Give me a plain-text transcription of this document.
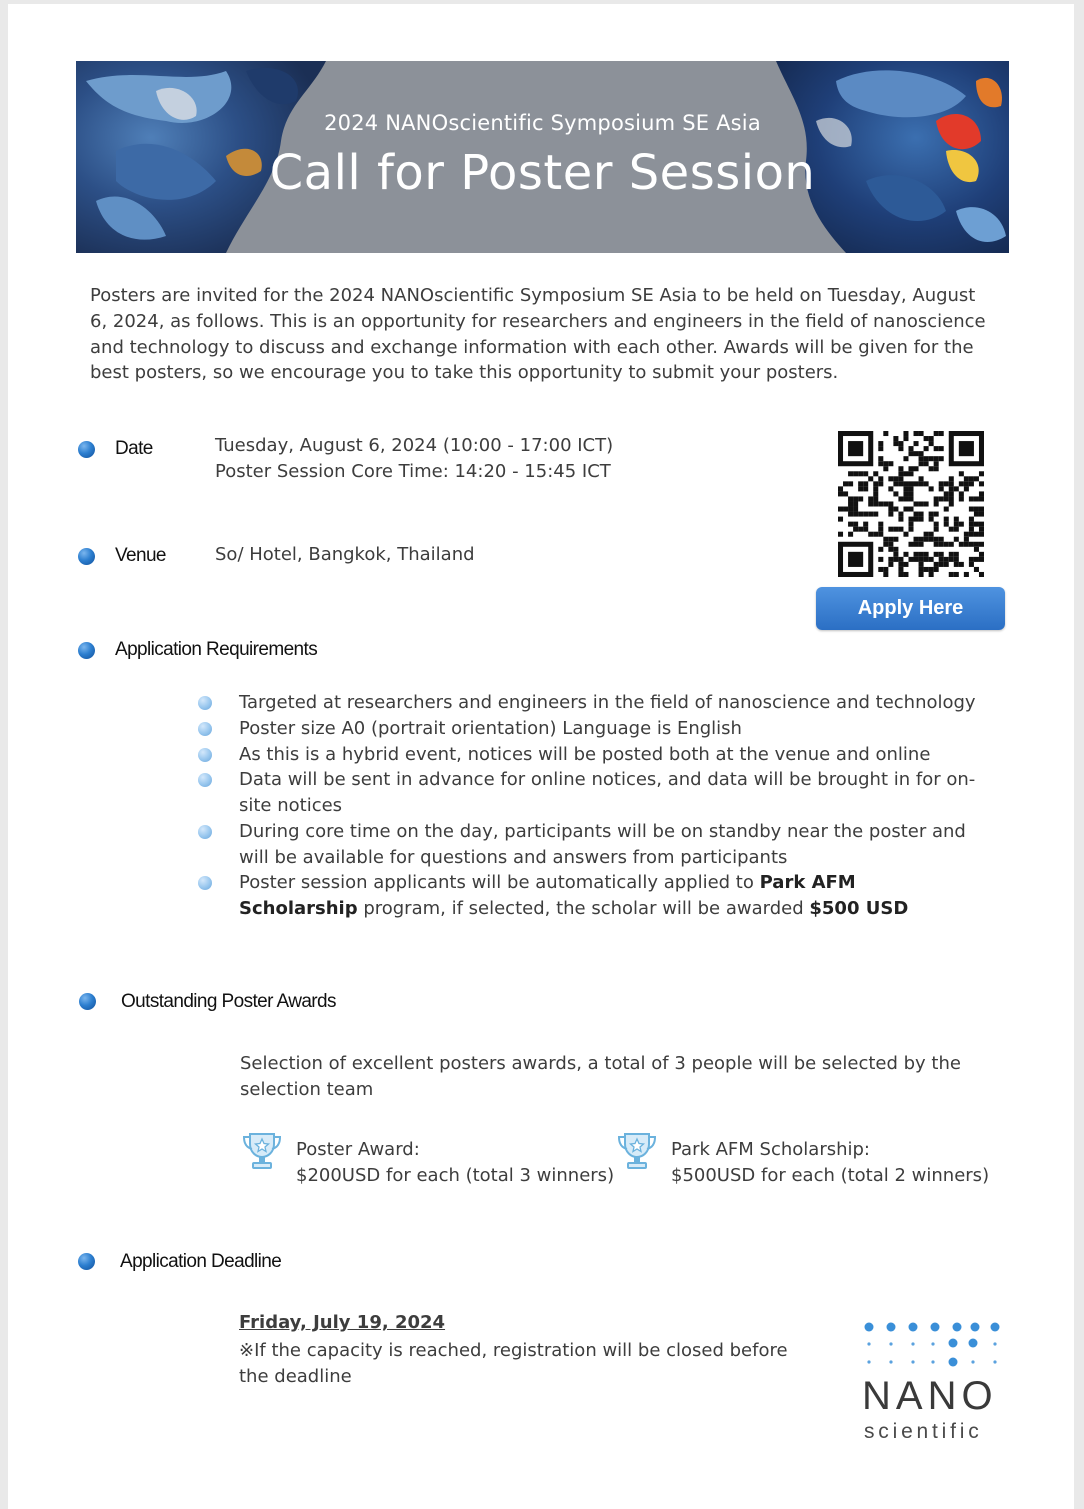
2024 NANOscientific Symposium SE Asia
Call for Poster Session
Posters are invited for the 2024 NANOscientific Symposium SE Asia to be held on Tuesday, August 6, 2024, as follows. This is an opportunity for researchers and engineers in the field of nanoscience and technology to discuss and exchange information with each other. Awards will be given for the best posters, so we encourage you to take this opportunity to submit your posters.
Date	Tuesday, August 6, 2024 (10:00 - 17:00 ICT)
Poster Session Core Time: 14:20 - 15:45 ICT
Venue	So/ Hotel, Bangkok, Thailand
Apply Here
Application Requirements
Targeted at researchers and engineers in the field of nanoscience and technology
Poster size A0 (portrait orientation) Language is English
As this is a hybrid event, notices will be posted both at the venue and online
Data will be sent in advance for online notices, and data will be brought in for on-site notices
During core time on the day, participants will be on standby near the poster and will be available for questions and answers from participants
Poster session applicants will be automatically applied to Park AFM Scholarship program, if selected, the scholar will be awarded $500 USD
Outstanding Poster Awards
Selection of excellent posters awards, a total of 3 people will be selected by the selection team
Poster Award:
$200USD for each (total 3 winners)
Park AFM Scholarship:
$500USD for each (total 2 winners)
Application Deadline
Friday, July 19, 2024
※If the capacity is reached, registration will be closed before the deadline	NANO
scientific
